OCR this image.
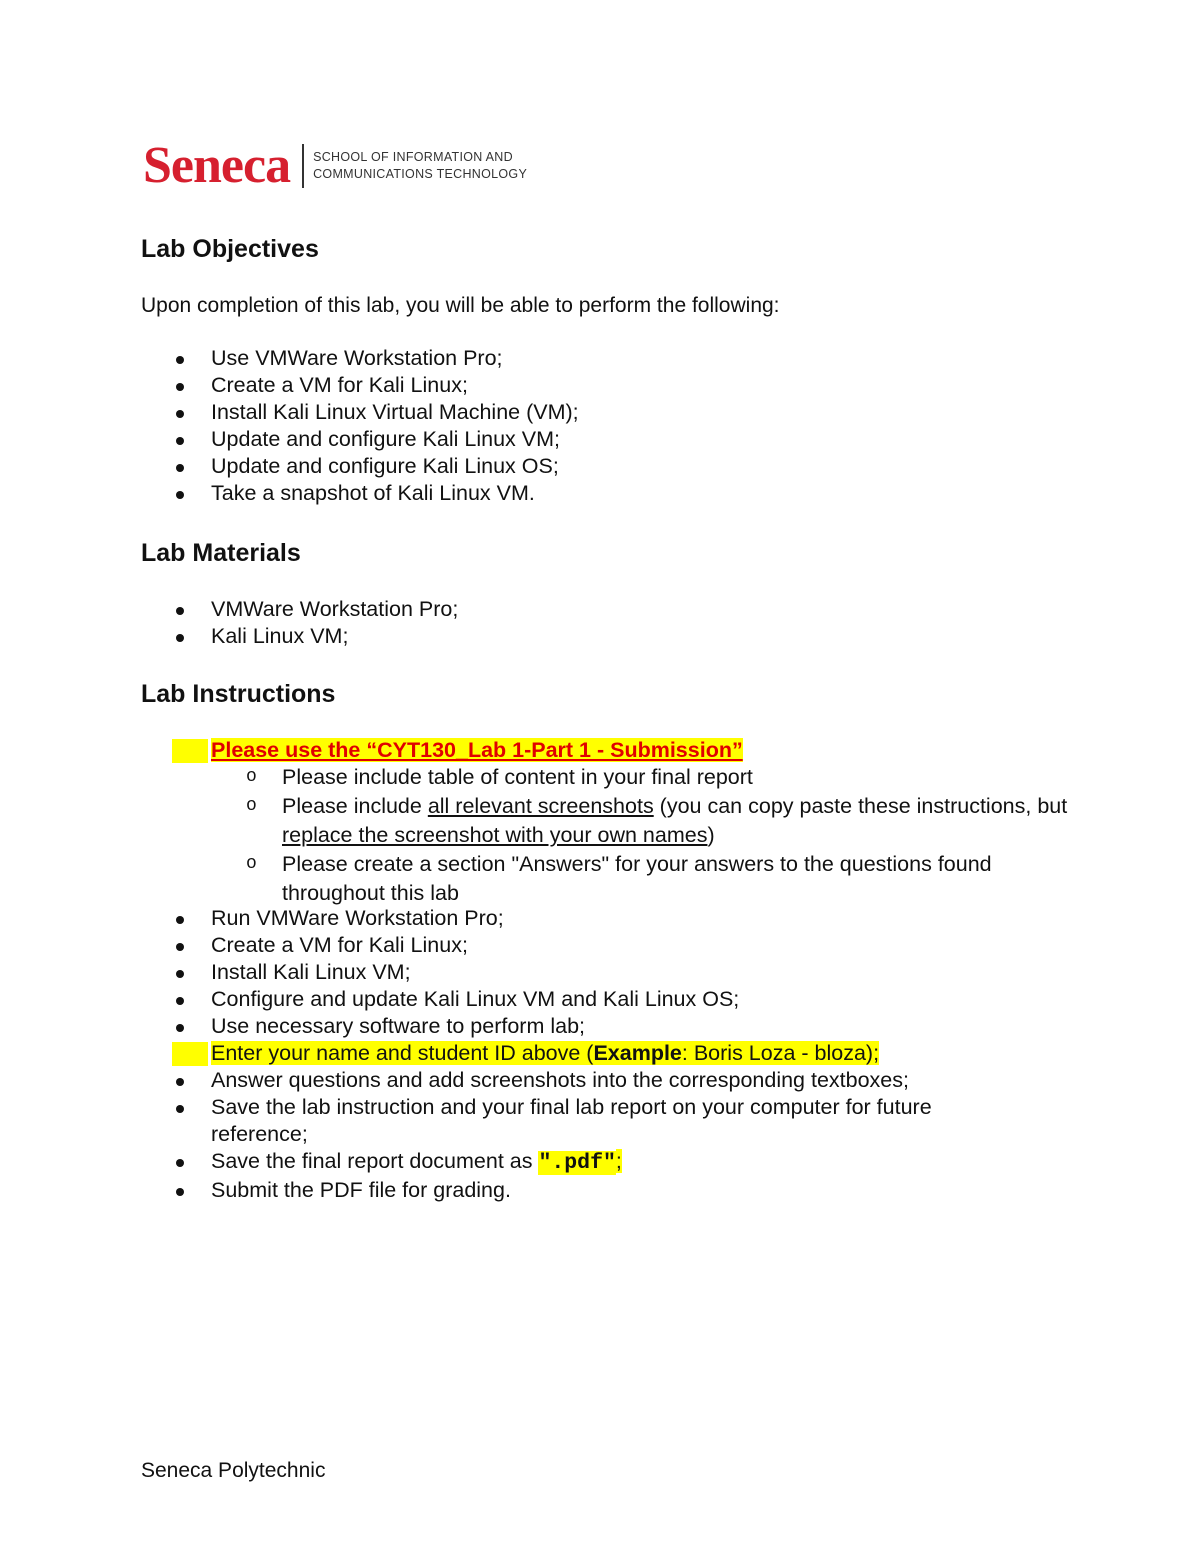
Seneca SCHOOL OF INFORMATION AND
COMMUNICATIONS TECHNOLOGY
Lab Objectives

Upon completion of this lab, you will be able to perform the following:

Use VMWare Workstation Pro;
Create a VM for Kali Linux;
Install Kali Linux Virtual Machine (VM);
Update and configure Kali Linux VM;
Update and configure Kali Linux OS;
Take a snapshot of Kali Linux VM.
Lab Materials
VMWare Workstation Pro;
Kali Linux VM;
Lab Instructions
Please use the “CYT130_Lab 1-Part 1 - Submission”
o Please include table of content in your final report
o Please include all relevant screenshots (you can copy paste these instructions, but replace the screenshot with your own names)
o Please create a section "Answers" for your answers to the questions found throughout this lab
Run VMWare Workstation Pro;
Create a VM for Kali Linux;
Install Kali Linux VM;
Configure and update Kali Linux VM and Kali Linux OS;
Use necessary software to perform lab;
Enter your name and student ID above (Example: Boris Loza - bloza);
Answer questions and add screenshots into the corresponding textboxes;
Save the lab instruction and your final lab report on your computer for future reference;
Save the final report document as ".pdf";
Submit the PDF file for grading.

Seneca Polytechnic
